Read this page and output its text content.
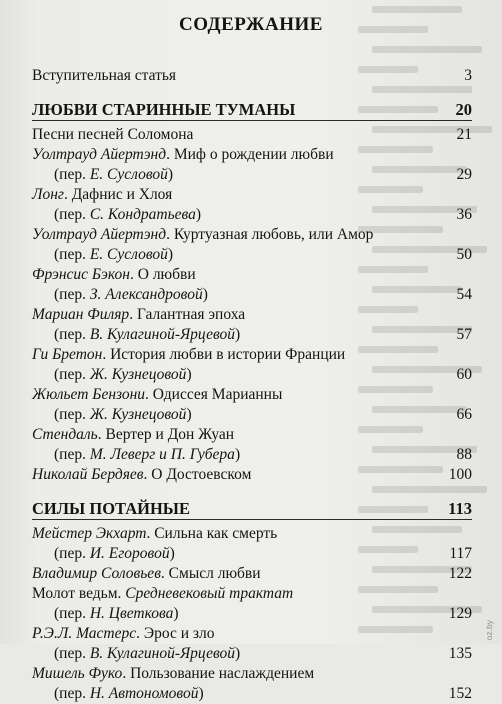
СОДЕРЖАНИЕ
Вступительная статья	3
ЛЮБВИ СТАРИННЫЕ ТУМАНЫ	20
Песни песней Соломона	21
Уолтрауд Айертэнд. Миф о рождении любви
(пер. Е. Сусловой)	29
Лонг. Дафнис и Хлоя
(пер. С. Кондратьева)	36
Уолтрауд Айертэнд. Куртуазная любовь, или Амор
(пер. Е. Сусловой)	50
Фрэнсис Бэкон. О любви
(пер. З. Александровой)	54
Мариан Филяр. Галантная эпоха
(пер. В. Кулагиной-Ярцевой)	57
Ги Бретон. История любви в истории Франции
(пер. Ж. Кузнецовой)	60
Жюльет Бензони. Одиссея Марианны
(пер. Ж. Кузнецовой)	66
Стендаль. Вертер и Дон Жуан
(пер. М. Леверг и П. Губера)	88
Николай Бердяев. О Достоевском	100
СИЛЫ ПОТАЙНЫЕ	113
Мейстер Экхарт. Сильна как смерть
(пер. И. Егоровой)	117
Владимир Соловьев. Смысл любви	122
Молот ведьм. Средневековый трактат
(пер. Н. Цветкова)	129
Р.Э.Л. Мастерс. Эрос и зло
(пер. В. Кулагиной-Ярцевой)	135
Мишель Фуко. Пользование наслаждением
(пер. Н. Автономовой)	152
oz.by
